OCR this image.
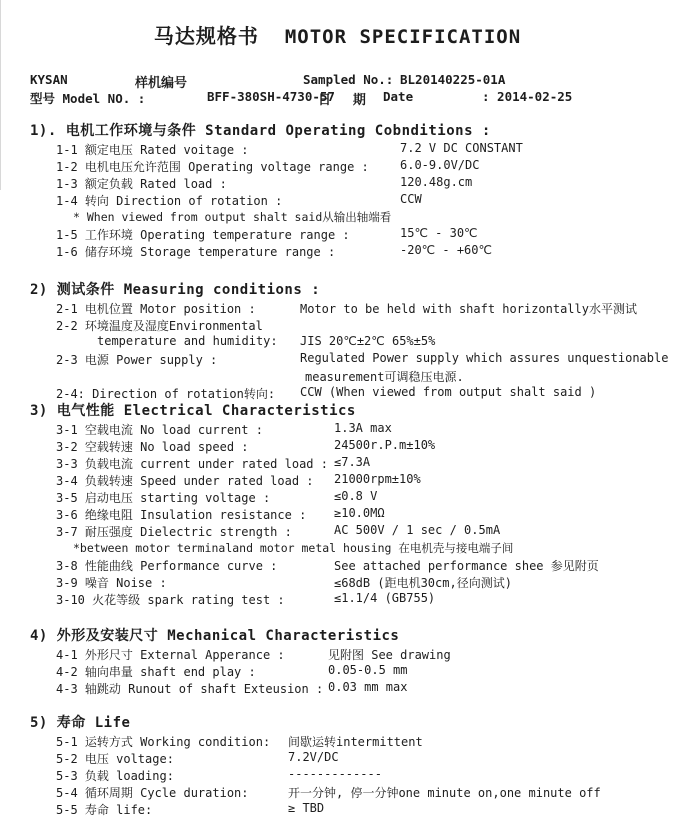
马达规格书 MOTOR SPECIFICATION
KYSAN	样机编号	Sampled No.: BL20140225-01A
型号 Model NO. :	BFF-380SH-4730-57
日 期 Date	: 2014-02-25
1). 电机工作环境与条件 Standard Operating Cobnditions :
1-1 额定电压 Rated voitage :	7.2 V DC CONSTANT
1-2 电机电压允许范围 Operating voltage range :	6.0-9.0V/DC
1-3 额定负载 Rated load :	120.48g.cm
1-4 转向 Direction of rotation :	CCW
* When viewed from output shalt said从输出轴端看
1-5 工作环境 Operating temperature range :	15℃ - 30℃
1-6 储存环境 Storage temperature range :	-20℃ - +60℃
2) 测试条件 Measuring conditions :
2-1 电机位置 Motor position :	Motor to be held with shaft horizontally水平测试
2-2 环境温度及湿度Environmental
temperature and humidity: JIS 20℃±2℃ 65%±5%
2-3 电源 Power supply :	Regulated Power supply which assures unquestionable
measurement可调稳压电源.
2-4: Direction of rotation转向: CCW (When viewed from output shalt said )
3) 电气性能 Electrical Characteristics
3-1 空载电流 No load current :	1.3A max
3-2 空载转速 No load speed :	24500r.P.m±10%
3-3 负载电流 current under rated load : ≤7.3A
3-4 负载转速 Speed under rated load : 21000rpm±10%
3-5 启动电压 starting voltage :	≤0.8 V
3-6 绝缘电阻 Insulation resistance : ≥10.0MΩ
3-7 耐压强度 Dielectric strength :	AC 500V / 1 sec / 0.5mA
*between motor terminaland motor metal housing 在电机壳与接电端子间
3-8 性能曲线 Performance curve :	See attached performance shee 参见附页
3-9 噪音 Noise :	≤68dB (距电机30cm,径向测试)
3-10 火花等级 spark rating test :	≤1.1/4 (GB755)
4) 外形及安装尺寸 Mechanical Characteristics
4-1 外形尺寸 External Apperance :	见附图 See drawing
4-2 轴向串量 shaft end play :	0.05-0.5 mm
4-3 轴跳动 Runout of shaft Exteusion : 0.03 mm max
5) 寿命 Life
5-1 运转方式 Working condition: 间歇运转intermittent
5-2 电压 voltage:	7.2V/DC
5-3 负载 loading:	-------------
5-4 循环周期 Cycle duration:	开一分钟, 停一分钟one minute on,one minute off
5-5 寿命 life:	≥ TBD
